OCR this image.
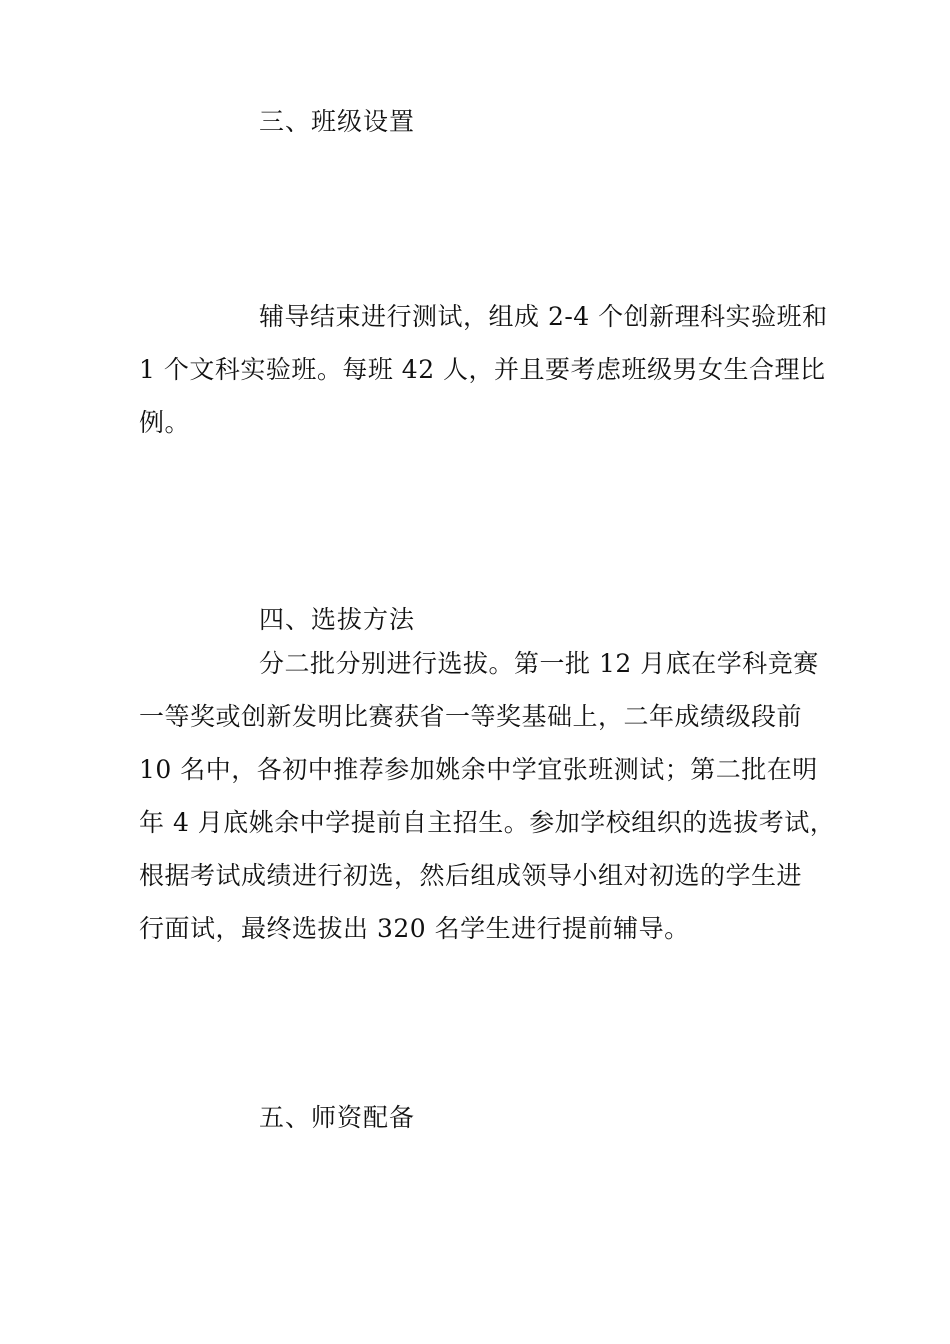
三、班级设置
辅导结束进行测试，组成 2-4 个创新理科实验班和
1 个文科实验班。每班 42 人，并且要考虑班级男女生合理比
例。
四、选拔方法
分二批分别进行选拔。第一批 12 月底在学科竞赛
一等奖或创新发明比赛获省一等奖基础上，二年成绩级段前
10 名中，各初中推荐参加姚余中学宜张班测试；第二批在明
年 4 月底姚余中学提前自主招生。参加学校组织的选拔考试，
根据考试成绩进行初选，然后组成领导小组对初选的学生进
行面试，最终选拔出 320 名学生进行提前辅导。
五、师资配备
